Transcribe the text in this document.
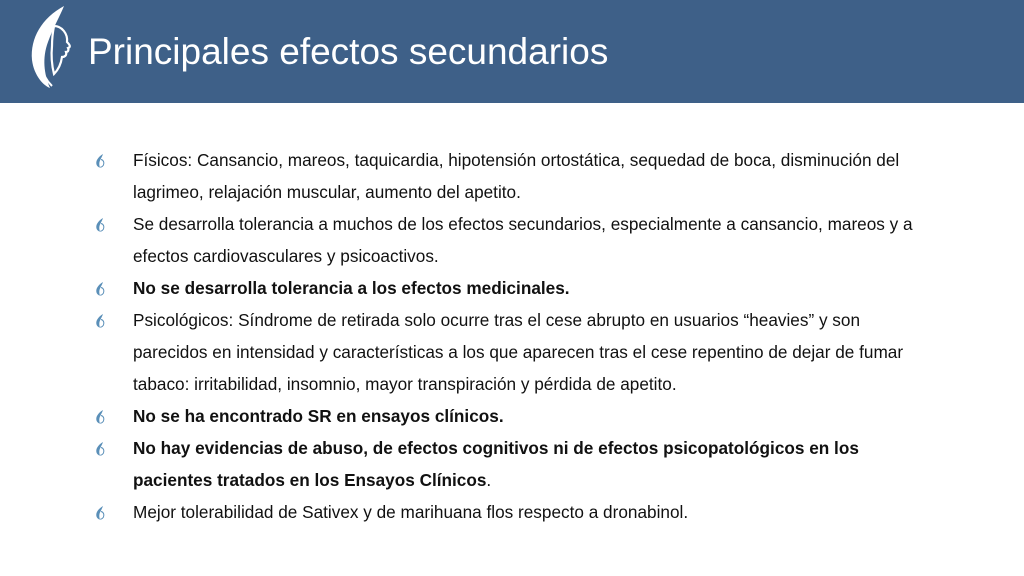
Principales efectos secundarios
Físicos: Cansancio, mareos, taquicardia, hipotensión ortostática, sequedad de boca, disminución del lagrimeo, relajación muscular, aumento del apetito.
Se desarrolla tolerancia a muchos de los efectos secundarios, especialmente a cansancio, mareos y a efectos cardiovasculares y psicoactivos.
No se desarrolla tolerancia a los efectos medicinales.
Psicológicos: Síndrome de retirada solo ocurre tras el cese abrupto en usuarios “heavies” y son parecidos en intensidad y características a los que aparecen tras el cese repentino de dejar de fumar tabaco: irritabilidad, insomnio, mayor transpiración y pérdida de apetito.
No se ha encontrado SR en ensayos clínicos.
No hay evidencias de abuso, de efectos cognitivos ni de efectos psicopatológicos en los pacientes tratados en los Ensayos Clínicos.
Mejor tolerabilidad de Sativex y de marihuana flos respecto a dronabinol.
